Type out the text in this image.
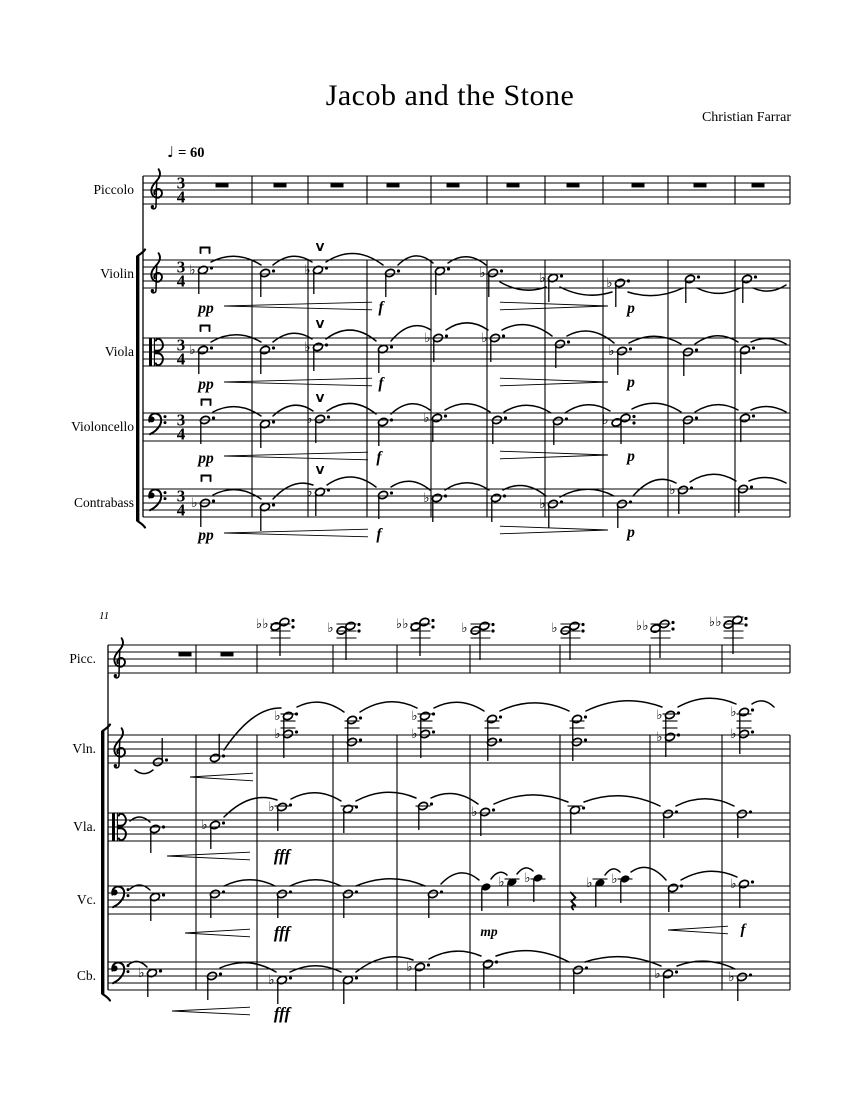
Jacob and the Stone
Christian Farrar
♩ = 60
11
Piccolo
Violin
Viola
Violoncello
Contrabass
Picc.
Vln.
Vla.
Vc.
Cb.
3
4
3
4
♭	♭	♭	♭	♭
V
pp	f	p
3
4 ♭	♭
♭	♭
♭
V
pp	f	p
3
4
♭	♭	♭
V
pp	f	p
3
4 ♭
♭	♭	♭
♭
V
pp	f	p
♭
♭	♭	♭
♭	♭	♭	♭
♭	♭
♭
♭
♭
♭
♭
♭
♭
♭
♭
♭
♭	♭
fff
♭ ♭	♭ ♭	♭
fff	mp	f
♭	♭
♭	♭	♭
fff
